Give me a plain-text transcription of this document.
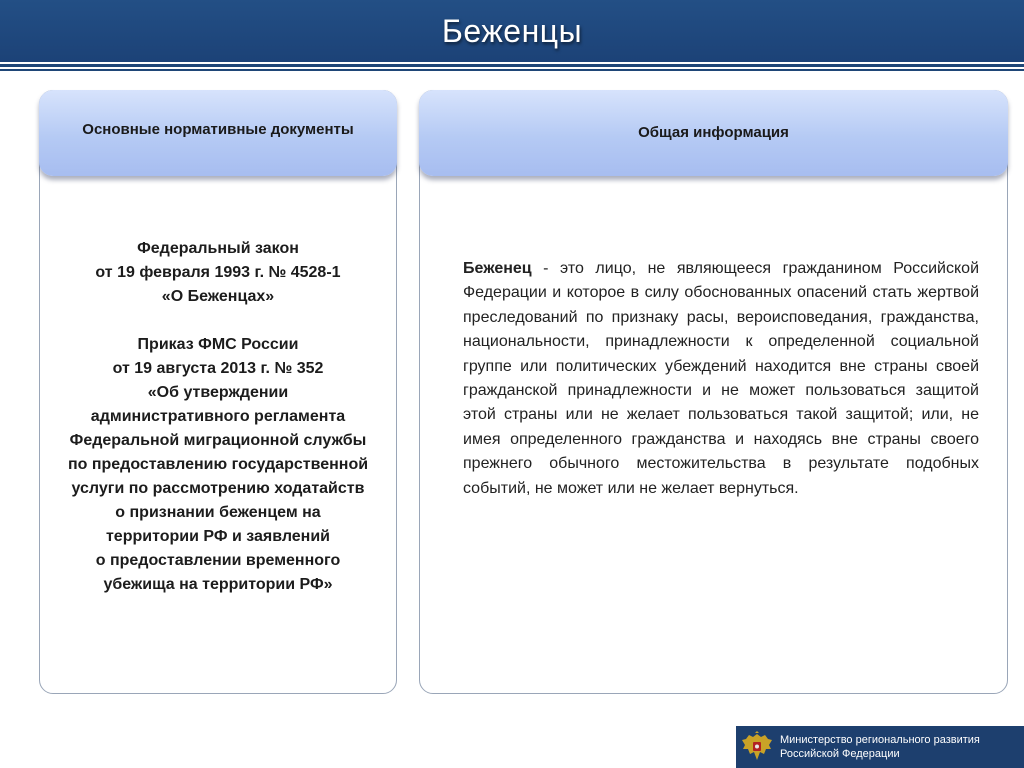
Беженцы
Основные нормативные документы

Федеральный закон

от 19 февраля 1993 г. № 4528-1

«О Беженцах»

Приказ ФМС России

от 19 августа 2013 г. № 352

«Об утверждении

административного регламента

Федеральной миграционной службы

по предоставлению государственной

услуги по рассмотрению ходатайств

о признании беженцем на

территории РФ и заявлений

о предоставлении временного

убежища на территории РФ»

Общая информация
Беженец - это лицо, не являющееся гражданином Российской Федерации и которое в силу обоснованных опасений стать жертвой преследований по признаку расы, вероисповедания, гражданства, национальности, принадлежности к определенной социальной группе или политических убеждений находится вне страны своей гражданской принадлежности и не может пользоваться защитой этой страны или не желает пользоваться такой защитой; или, не имея определенного гражданства и находясь вне страны своего прежнего обычного местожительства в результате подобных событий, не может или не желает вернуться.
Министерство регионального развития
Российской Федерации
